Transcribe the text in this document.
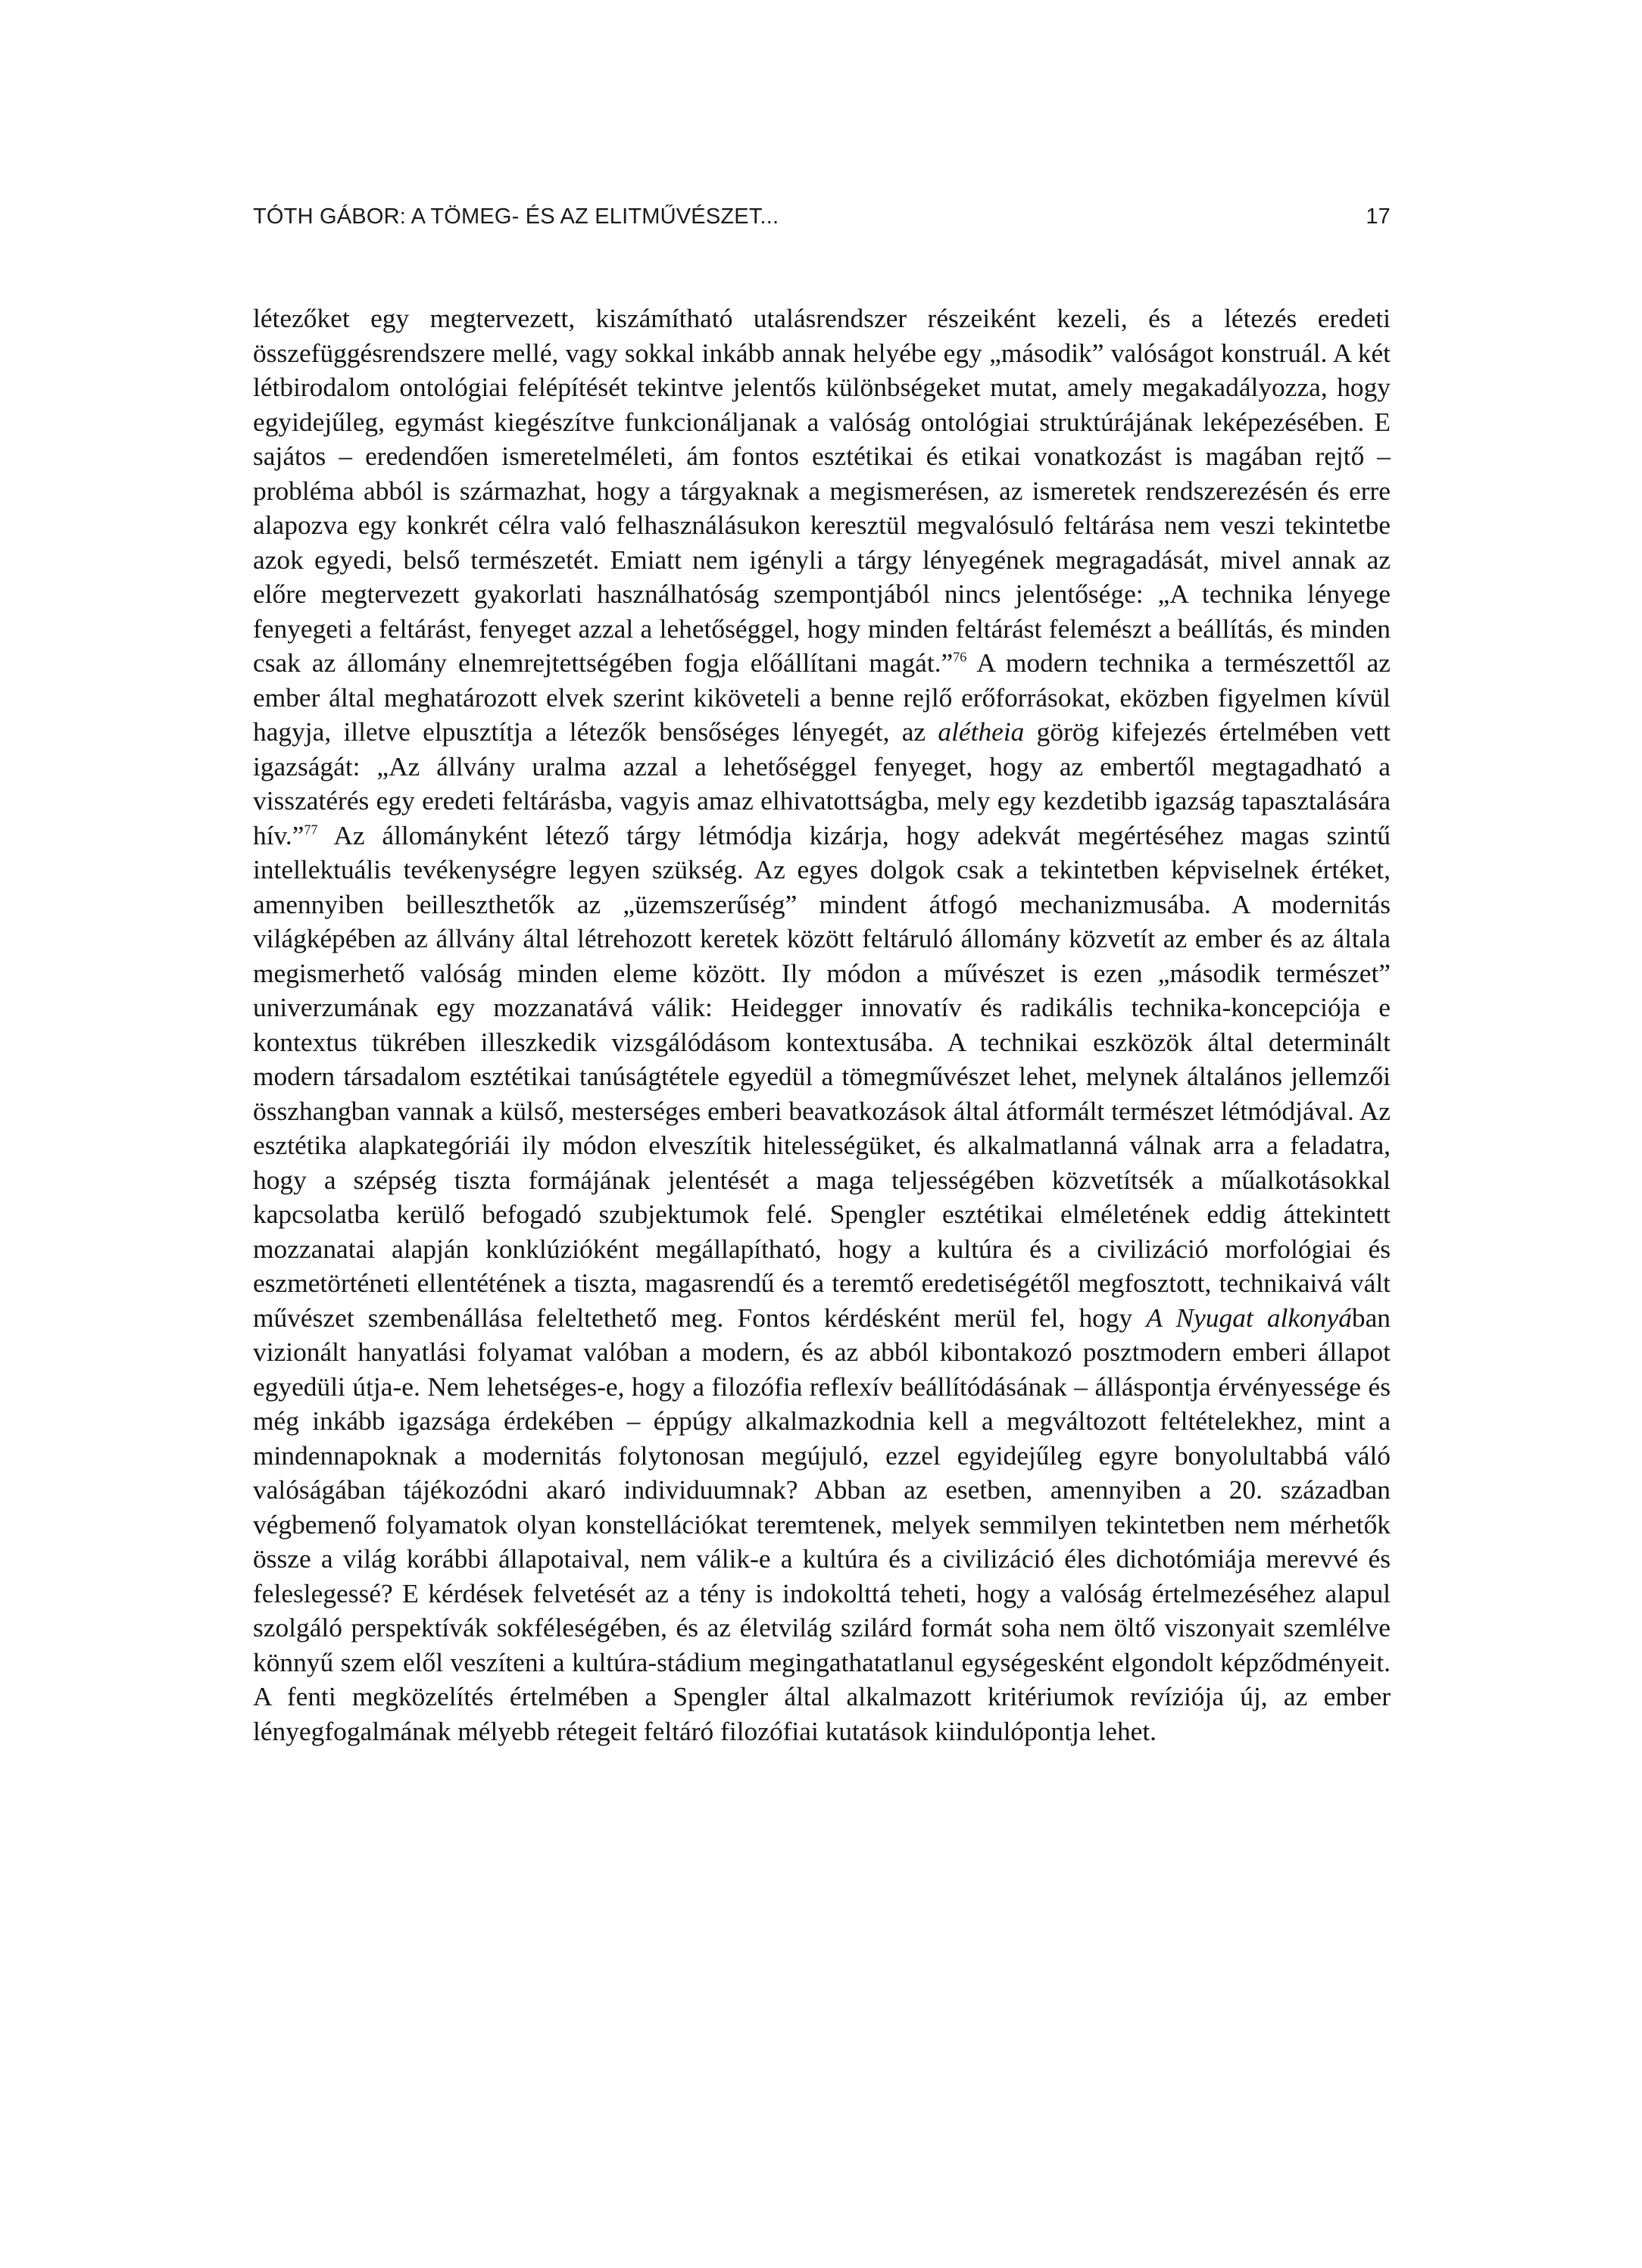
TÓTH GÁBOR: A TÖMEG- ÉS AZ ELITMŰVÉSZET...	17

létezőket egy megtervezett, kiszámítható utalásrendszer részeiként kezeli, és a létezés eredeti összefüggésrendszere mellé, vagy sokkal inkább annak helyébe egy „második” valóságot konstruál. A két létbirodalom ontológiai felépítését tekintve jelentős különbségeket mutat, amely megakadályozza, hogy egyidejűleg, egymást kiegészítve funkcionáljanak a valóság ontológiai struktúrájának leképezésében. E sajátos – eredendően ismeretelméleti, ám fontos esztétikai és etikai vonatkozást is magában rejtő – probléma abból is származhat, hogy a tárgyaknak a megismerésen, az ismeretek rendszerezésén és erre alapozva egy konkrét célra való felhasználásukon keresztül megvalósuló feltárása nem veszi tekintetbe azok egyedi, belső természetét. Emiatt nem igényli a tárgy lényegének megragadását, mivel annak az előre megtervezett gyakorlati használhatóság szempontjából nincs jelentősége: „A technika lényege fenyegeti a feltárást, fenyeget azzal a lehetőséggel, hogy minden feltárást felemészt a beállítás, és minden csak az állomány elnemrejtettségében fogja előállítani magát.”$^{76}$ A modern technika a természettől az ember által meghatározott elvek szerint kiköveteli a benne rejlő erőforrásokat, eközben figyelmen kívül hagyja, illetve elpusztítja a létezők bensőséges lényegét, az alétheia görög kifejezés értelmében vett igazságát: „Az állvány uralma azzal a lehetőséggel fenyeget, hogy az embertől megtagadható a visszatérés egy eredeti feltárásba, vagyis amaz elhivatottságba, mely egy kezdetibb igazság tapasztalására hív.”$^{77}$ Az állományként létező tárgy létmódja kizárja, hogy adekvát megértéséhez magas szintű intellektuális tevékenységre legyen szükség. Az egyes dolgok csak a tekintetben képviselnek értéket, amennyiben beilleszthetők az „üzemszerűség” mindent átfogó mechanizmusába. A modernitás világképében az állvány által létrehozott keretek között feltáruló állomány közvetít az ember és az általa megismerhető valóság minden eleme között. Ily módon a művészet is ezen „második természet” univerzumának egy mozzanatává válik: Heidegger innovatív és radikális technika-koncepciója e kontextus tükrében illeszkedik vizsgálódásom kontextusába. A technikai eszközök által determinált modern társadalom esztétikai tanúságtétele egyedül a tömegművészet lehet, melynek általános jellemzői összhangban vannak a külső, mesterséges emberi beavatkozások által átformált természet létmódjával. Az esztétika alapkategóriái ily módon elveszítik hitelességüket, és alkalmatlanná válnak arra a feladatra, hogy a szépség tiszta formájának jelentését a maga teljességében közvetítsék a műalkotásokkal kapcsolatba kerülő befogadó szubjektumok felé. Spengler esztétikai elméletének eddig áttekintett mozzanatai alapján konklúzióként megállapítható, hogy a kultúra és a civilizáció morfológiai és eszmetörténeti ellentétének a tiszta, magasrendű és a teremtő eredetiségétől megfosztott, technikaivá vált művészet szembenállása feleltethető meg. Fontos kérdésként merül fel, hogy A Nyugat alkonyában vizionált hanyatlási folyamat valóban a modern, és az abból kibontakozó posztmodern emberi állapot egyedüli útja-e. Nem lehetséges-e, hogy a filozófia reflexív beállítódásának – álláspontja érvényessége és még inkább igazsága érdekében – éppúgy alkalmazkodnia kell a megváltozott feltételekhez, mint a mindennapoknak a modernitás folytonosan megújuló, ezzel egyidejűleg egyre bonyolultabbá váló valóságában tájékozódni akaró individuumnak? Abban az esetben, amennyiben a 20. században végbemenő folyamatok olyan konstellációkat teremtenek, melyek semmilyen tekintetben nem mérhetők össze a világ korábbi állapotaival, nem válik-e a kultúra és a civilizáció éles dichotómiája merevvé és feleslegessé? E kérdések felvetését az a tény is indokolttá teheti, hogy a valóság értelmezéséhez alapul szolgáló perspektívák sokféleségében, és az életvilág szilárd formát soha nem öltő viszonyait szemlélve könnyű szem elől veszíteni a kultúra-stádium megingathatatlanul egységesként elgondolt képződményeit. A fenti megközelítés értelmében a Spengler által alkalmazott kritériumok revíziója új, az ember lényegfogalmának mélyebb rétegeit feltáró filozófiai kutatások kiindulópontja lehet.
